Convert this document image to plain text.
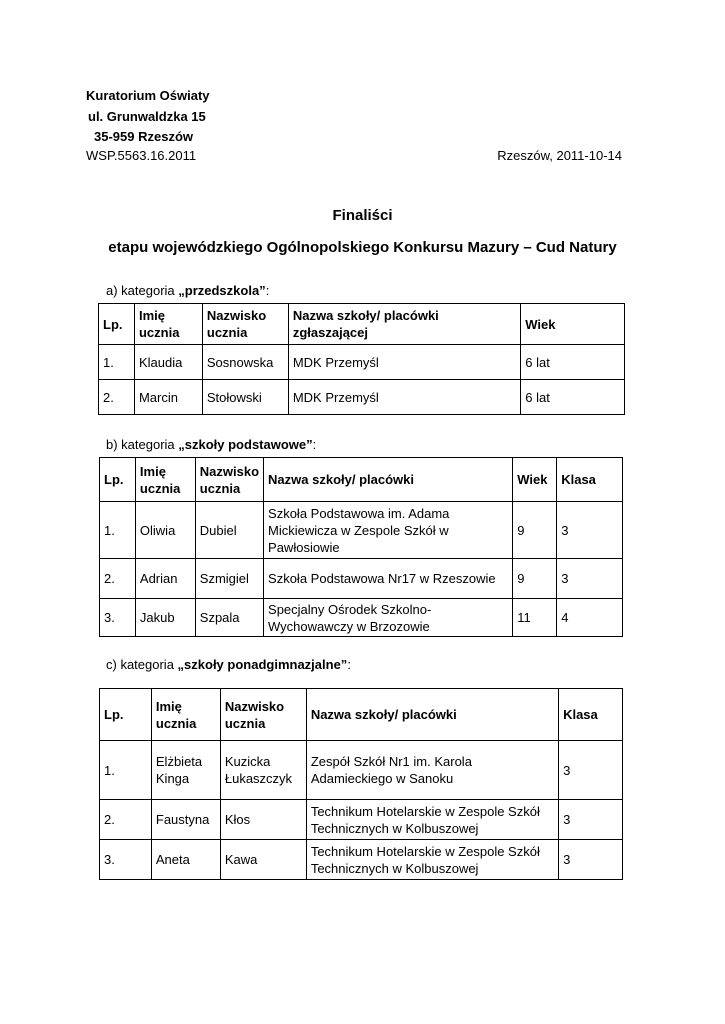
Kuratorium Oświaty
ul. Grunwaldzka 15
35-959 Rzeszów
WSP.5563.16.2011	Rzeszów, 2011-10-14
Finaliści
etapu wojewódzkiego Ogólnopolskiego Konkursu Mazury – Cud Natury
a) kategoria „przedszkola”:
Lp.	Imię ucznia	Nazwisko ucznia	Nazwa szkoły/ placówki zgłaszającej	Wiek
1.	Klaudia	Sosnowska	MDK Przemyśl	6 lat
2.	Marcin	Stołowski	MDK Przemyśl	6 lat
b) kategoria „szkoły podstawowe”:
Lp.	Imię ucznia	Nazwisko ucznia	Nazwa szkoły/ placówki	Wiek	Klasa
1.	Oliwia	Dubiel	Szkoła Podstawowa im. Adama Mickiewicza w Zespole Szkół w Pawłosiowie	9	3
2.	Adrian	Szmigiel	Szkoła Podstawowa Nr17 w Rzeszowie	9	3
3.	Jakub	Szpala	Specjalny Ośrodek Szkolno-Wychowawczy w Brzozowie	11	4
c) kategoria „szkoły ponadgimnazjalne”:
Lp.	Imię ucznia	Nazwisko ucznia	Nazwa szkoły/ placówki	Klasa
1.	Elżbieta Kinga	Kuzicka Łukaszczyk	Zespół Szkół Nr1 im. Karola Adamieckiego w Sanoku	3
2.	Faustyna	Kłos	Technikum Hotelarskie w Zespole Szkół Technicznych w Kolbuszowej	3
3.	Aneta	Kawa	Technikum Hotelarskie w Zespole Szkół Technicznych w Kolbuszowej	3
